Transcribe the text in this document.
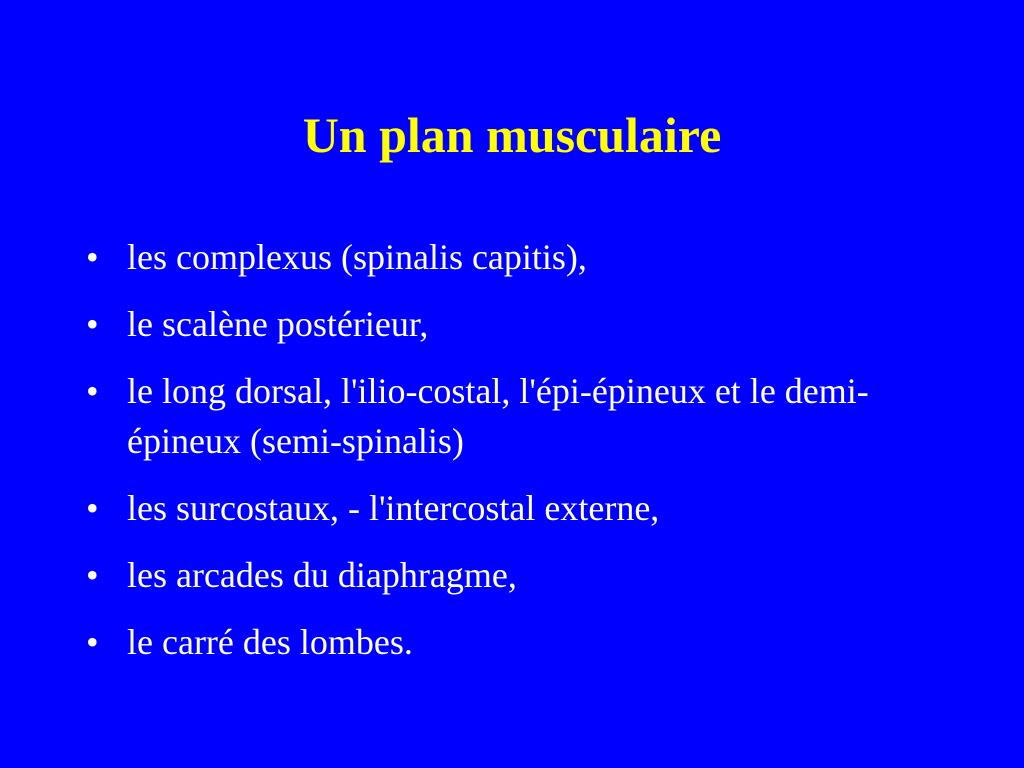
Un plan musculaire
• les complexus (spinalis capitis),
• le scalène postérieur,
• le long dorsal, l'ilio-costal, l'épi-épineux et le demi-épineux (semi-spinalis)
• les surcostaux, - l'intercostal externe,
• les arcades du diaphragme,
• le carré des lombes.
